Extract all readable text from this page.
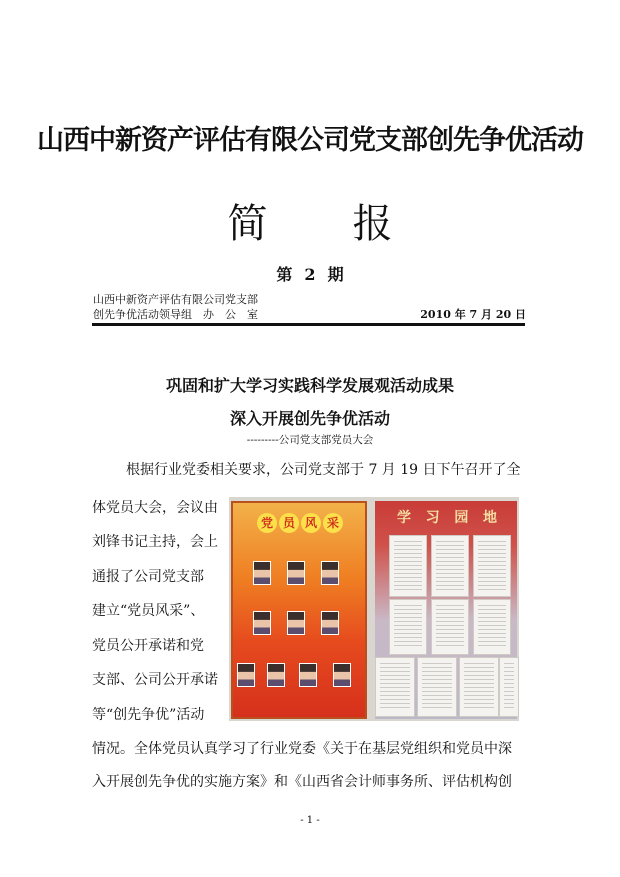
山西中新资产评估有限公司党支部创先争优活动
简 报
第 2 期
山西中新资产评估有限公司党支部
创先争优活动领导组　办　公　室	2010 年 7 月 20 日
巩固和扩大学习实践科学发展观活动成果
深入开展创先争优活动
---------公司党支部党员大会
根据行业党委相关要求，公司党支部于 7 月 19 日下午召开了全
体党员大会，会议由
刘锋书记主持，会上
通报了公司党支部
建立“党员风采”、
党员公开承诺和党
支部、公司公开承诺
等“创先争优”活动
党 员 风 采	学 习 园 地
情况。全体党员认真学习了行业党委《关于在基层党组织和党员中深
入开展创先争优的实施方案》和《山西省会计师事务所、评估机构创
- 1 -
